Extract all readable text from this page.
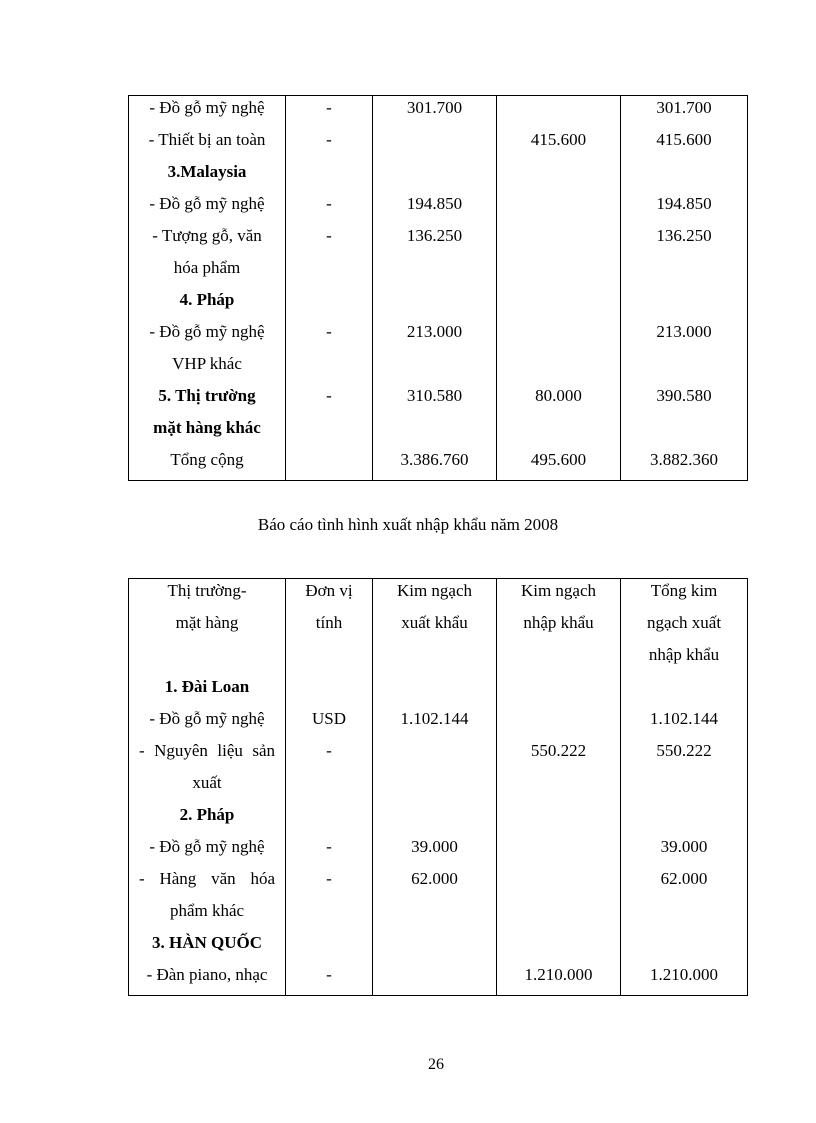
- Đồ gỗ mỹ nghệ	-	301.700		301.700

- Thiết bị an toàn	-		415.600	415.600

3.Malaysia				

- Đồ gỗ mỹ nghệ	-	194.850		194.850

- Tượng gỗ, văn	-	136.250		136.250

hóa phẩm				

4. Pháp				

- Đồ gỗ mỹ nghệ	-	213.000		213.000

VHP khác				

5. Thị trường	-	310.580	80.000	390.580

mặt hàng khác				

Tổng cộng		3.386.760	495.600	3.882.360
Báo cáo tình hình xuất nhập khẩu năm 2008
Thị trường-	Đơn vị	Kim ngạch	Kim ngạch	Tổng kim

mặt hàng	tính	xuất khẩu	nhập khẩu	ngạch xuất

				nhập khẩu

1. Đài Loan				

- Đồ gỗ mỹ nghệ	USD	1.102.144		1.102.144

- Nguyên liệu sản	-		550.222	550.222

xuất				

2. Pháp				

- Đồ gỗ mỹ nghệ	-	39.000		39.000

- Hàng văn hóa	-	62.000		62.000

phẩm khác				

3. HÀN QUỐC				

- Đàn piano, nhạc	-		1.210.000	1.210.000
26
